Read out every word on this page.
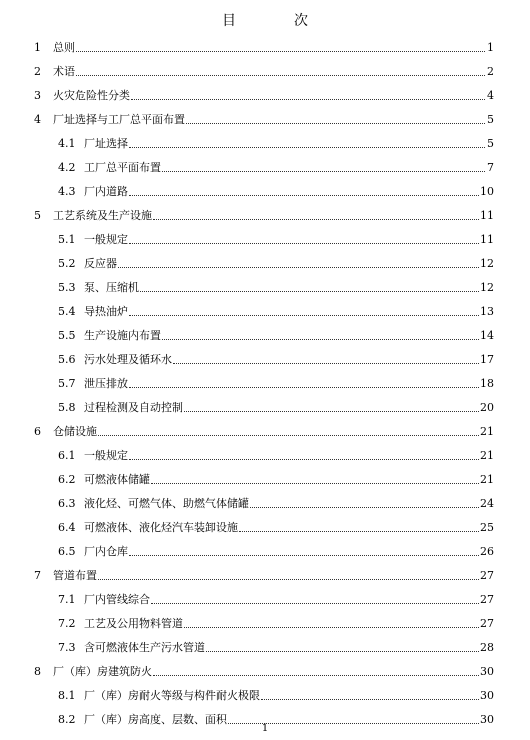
目　次
1	总则	1
2	术语	2
3	火灾危险性分类	4
4	厂址选择与工厂总平面布置	5
4.1 厂址选择	5
4.2 工厂总平面布置	7
4.3 厂内道路	10
5	工艺系统及生产设施	11
5.1 一般规定	11
5.2 反应器	12
5.3 泵、压缩机	12
5.4 导热油炉	13
5.5 生产设施内布置	14
5.6 污水处理及循环水	17
5.7 泄压排放	18
5.8 过程检测及自动控制	20
6	仓储设施	21
6.1 一般规定	21
6.2 可燃液体储罐	21
6.3 液化烃、可燃气体、助燃气体储罐	24
6.4 可燃液体、液化烃汽车装卸设施	25
6.5 厂内仓库	26
7	管道布置	27
7.1 厂内管线综合	27
7.2 工艺及公用物料管道	27
7.3 含可燃液体生产污水管道	28
8	厂（库）房建筑防火	30
8.1 厂（库）房耐火等级与构件耐火极限	30
8.2 厂（库）房高度、层数、面积	30
1
